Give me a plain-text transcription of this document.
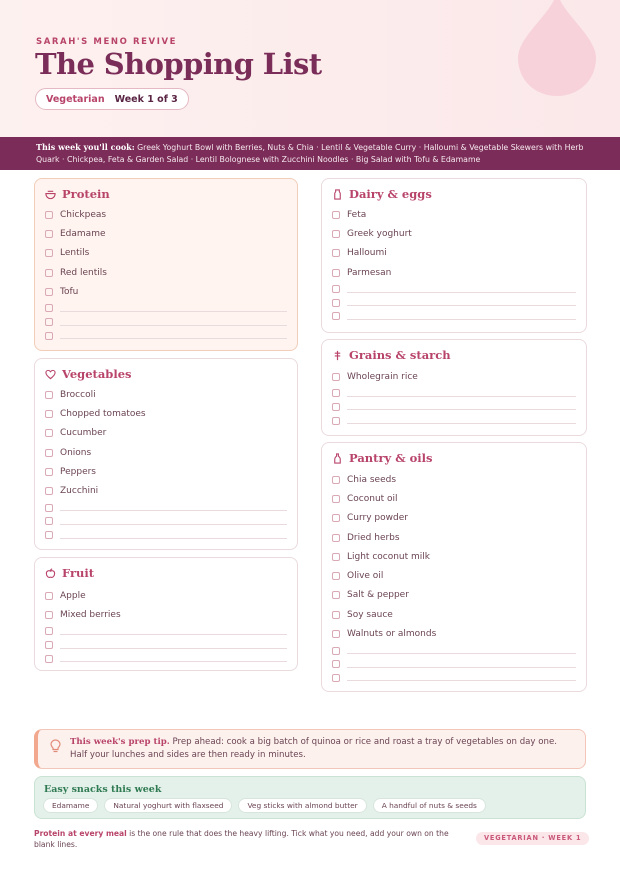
SARAH'S MENO REVIVE
The Shopping List
Vegetarian Week 1 of 3
This week you'll cook: Greek Yoghurt Bowl with Berries, Nuts & Chia · Lentil & Vegetable Curry · Halloumi & Vegetable Skewers with Herb Quark · Chickpea, Feta & Garden Salad · Lentil Bolognese with Zucchini Noodles · Big Salad with Tofu & Edamame
Protein
Chickpeas
Edamame
Lentils
Red lentils
Tofu
Vegetables
Broccoli
Chopped tomatoes
Cucumber
Onions
Peppers
Zucchini
Fruit
Apple
Mixed berries
Dairy & eggs
Feta
Greek yoghurt
Halloumi
Parmesan
Grains & starch
Wholegrain rice
Pantry & oils
Chia seeds
Coconut oil
Curry powder
Dried herbs
Light coconut milk
Olive oil
Salt & pepper
Soy sauce
Walnuts or almonds

This week's prep tip. Prep ahead: cook a big batch of quinoa or rice and roast a tray of vegetables on day one. Half your lunches and sides are then ready in minutes.

Easy snacks this week
Edamame	Natural yoghurt with flaxseed	Veg sticks with almond butter	A handful of nuts & seeds
Protein at every meal is the one rule that does the heavy lifting. Tick what you need, add your own on the blank lines.
VEGETARIAN · WEEK 1
